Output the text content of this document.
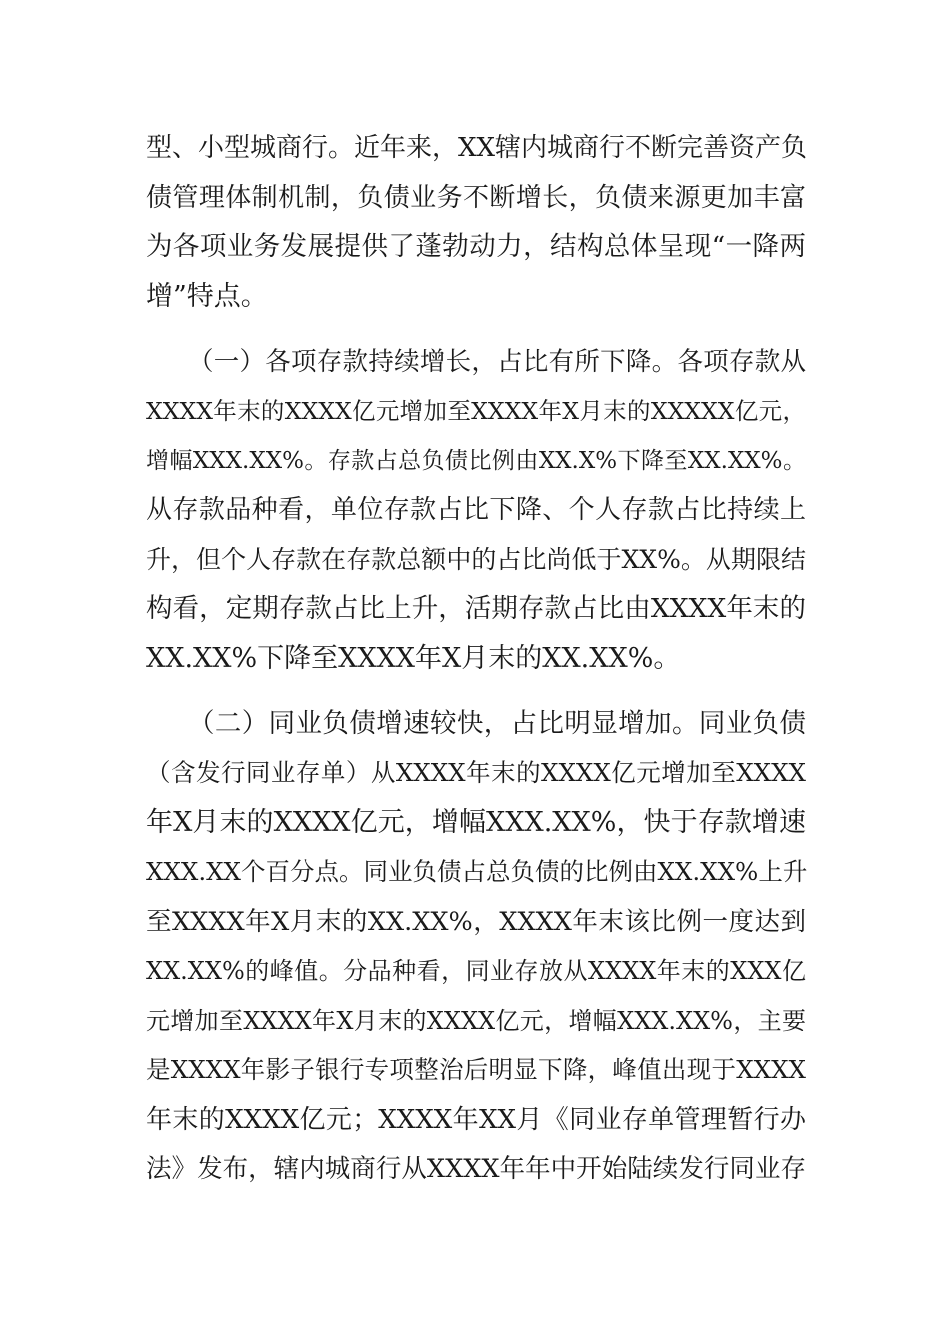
型、小型城商行。近年来，XX辖内城商行不断完善资产负
债管理体制机制，负债业务不断增长，负债来源更加丰富
为各项业务发展提供了蓬勃动力，结构总体呈现“一降两
增”特点。
（一）各项存款持续增长，占比有所下降。各项存款从
XXXX年末的XXXX亿元增加至XXXX年X月末的XXXXX亿元，
增幅XXX.XX%。存款占总负债比例由XX.X%下降至XX.XX%。
从存款品种看，单位存款占比下降、个人存款占比持续上
升，但个人存款在存款总额中的占比尚低于XX%。从期限结
构看，定期存款占比上升，活期存款占比由XXXX年末的
XX.XX%下降至XXXX年X月末的XX.XX%。
（二）同业负债增速较快，占比明显增加。同业负债
（含发行同业存单）从XXXX年末的XXXX亿元增加至XXXX
年X月末的XXXX亿元，增幅XXX.XX%，快于存款增速
XXX.XX个百分点。同业负债占总负债的比例由XX.XX%上升
至XXXX年X月末的XX.XX%，XXXX年末该比例一度达到
XX.XX%的峰值。分品种看，同业存放从XXXX年末的XXX亿
元增加至XXXX年X月末的XXXX亿元，增幅XXX.XX%，主要
是XXXX年影子银行专项整治后明显下降，峰值出现于XXXX
年末的XXXX亿元；XXXX年XX月《同业存单管理暂行办
法》发布，辖内城商行从XXXX年年中开始陆续发行同业存
